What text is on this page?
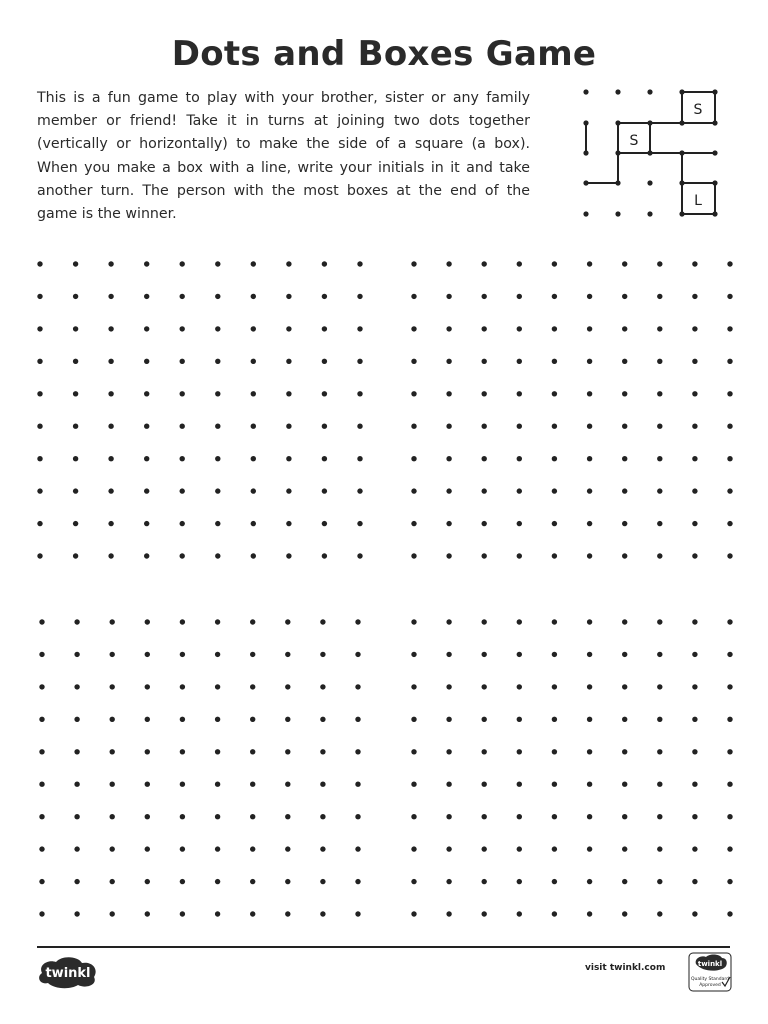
Dots and Boxes Game
This is a fun game to play with your brother, sister or any family member or friend! Take it in turns at joining two dots together (vertically or horizontally) to make the side of a square (a box). When you make a box with a line, write your initials in it and take another turn. The person with the most boxes at the end of the game is the winner.
S
S
L
twinkl	visit twinkl.com	twinkl
Quality Standard
Approved
